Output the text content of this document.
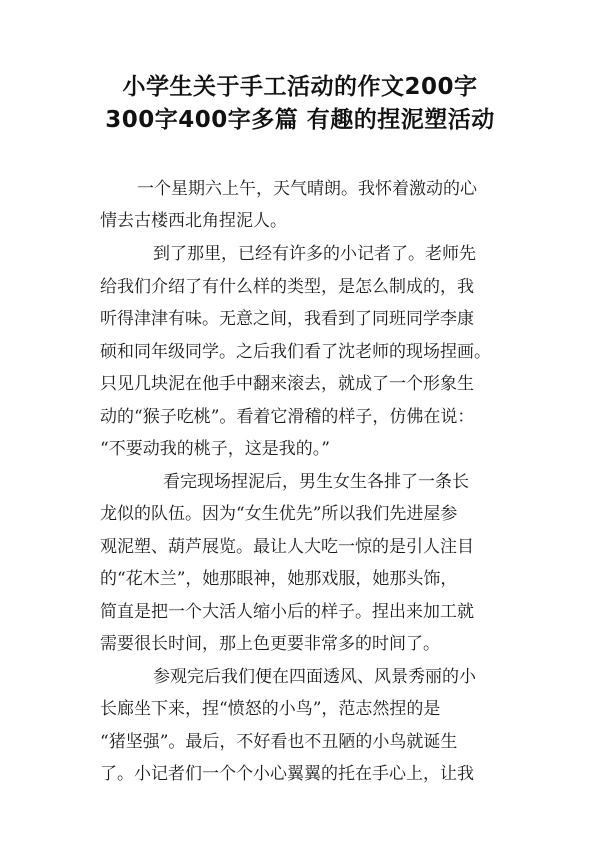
小学生关于手工活动的作文200字
300字400字多篇 有趣的捏泥塑活动
一个星期六上午，天气晴朗。我怀着激动的心
情去古楼西北角捏泥人。
到了那里，已经有许多的小记者了。老师先
给我们介绍了有什么样的类型，是怎么制成的，我
听得津津有味。无意之间，我看到了同班同学李康
硕和同年级同学。之后我们看了沈老师的现场捏画。
只见几块泥在他手中翻来滚去，就成了一个形象生
动的“猴子吃桃”。看着它滑稽的样子，仿佛在说：
“不要动我的桃子，这是我的。”
看完现场捏泥后，男生女生各排了一条长
龙似的队伍。因为“女生优先”所以我们先进屋参
观泥塑、葫芦展览。最让人大吃一惊的是引人注目
的“花木兰”，她那眼神，她那戏服，她那头饰，
简直是把一个大活人缩小后的样子。捏出来加工就
需要很长时间，那上色更要非常多的时间了。
参观完后我们便在四面透风、风景秀丽的小
长廊坐下来，捏“愤怒的小鸟”，范志然捏的是
“猪坚强”。最后，不好看也不丑陋的小鸟就诞生
了。小记者们一个个小心翼翼的托在手心上，让我
